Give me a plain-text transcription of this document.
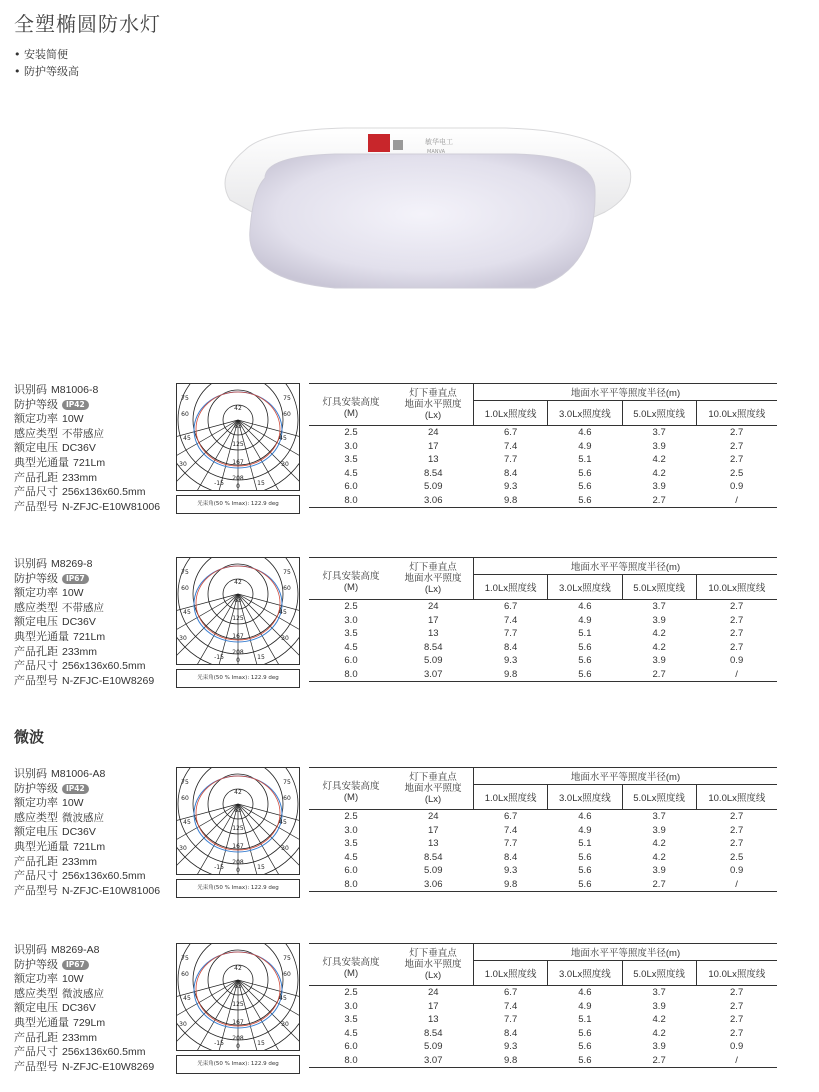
全塑椭圆防水灯
• 安装简便
• 防护等级高
敏华电工
MANVA
微波
识别码 M81006-8
防护等级 IP42
额定功率 10W
感应类型 不带感应
额定电压 DC36V
典型光通量 721Lm
产品孔距 233mm
产品尺寸 256x136x60.5mm
产品型号 N-ZFJC-E10W81006
75	75
60	60
45	45
30	30
42
83
125
167
208
-15 0	15
光束角(50 % Imax): 122.9 deg
灯具安装高度
(M)	灯下垂直点
地面水平照度
(Lx)	地面水平平等照度半径(m)			
		1.0Lx照度线	3.0Lx照度线	5.0Lx照度线	10.0Lx照度线
2.5	24	6.7	4.6	3.7	2.7
3.0	17	7.4	4.9	3.9	2.7
3.5	13	7.7	5.1	4.2	2.7
4.5	8.54	8.4	5.6	4.2	2.5
6.0	5.09	9.3	5.6	3.9	0.9
8.0	3.06	9.8	5.6	2.7	/
识别码 M8269-8
防护等级 IP67
额定功率 10W
感应类型 不带感应
额定电压 DC36V
典型光通量 721Lm
产品孔距 233mm
产品尺寸 256x136x60.5mm
产品型号 N-ZFJC-E10W8269
75	75
60	60
45	45
30	30
42
83
125
167
208
-15 0	15
光束角(50 % Imax): 122.9 deg
灯具安装高度
(M)	灯下垂直点
地面水平照度
(Lx)	地面水平平等照度半径(m)			
		1.0Lx照度线	3.0Lx照度线	5.0Lx照度线	10.0Lx照度线
2.5	24	6.7	4.6	3.7	2.7
3.0	17	7.4	4.9	3.9	2.7
3.5	13	7.7	5.1	4.2	2.7
4.5	8.54	8.4	5.6	4.2	2.7
6.0	5.09	9.3	5.6	3.9	0.9
8.0	3.07	9.8	5.6	2.7	/
识别码 M81006-A8
防护等级 IP42
额定功率 10W
感应类型 微波感应
额定电压 DC36V
典型光通量 721Lm
产品孔距 233mm
产品尺寸 256x136x60.5mm
产品型号 N-ZFJC-E10W81006
75	75
60	60
45	45
30	30
42
83
125
167
208
-15 0	15
光束角(50 % Imax): 122.9 deg
灯具安装高度
(M)	灯下垂直点
地面水平照度
(Lx)	地面水平平等照度半径(m)			
		1.0Lx照度线	3.0Lx照度线	5.0Lx照度线	10.0Lx照度线
2.5	24	6.7	4.6	3.7	2.7
3.0	17	7.4	4.9	3.9	2.7
3.5	13	7.7	5.1	4.2	2.7
4.5	8.54	8.4	5.6	4.2	2.5
6.0	5.09	9.3	5.6	3.9	0.9
8.0	3.06	9.8	5.6	2.7	/
识别码 M8269-A8
防护等级 IP67
额定功率 10W
感应类型 微波感应
额定电压 DC36V
典型光通量 729Lm
产品孔距 233mm
产品尺寸 256x136x60.5mm
产品型号 N-ZFJC-E10W8269
75	75
60	60
45	45
30	30
42
83
125
167
208
-15 0	15
光束角(50 % Imax): 122.9 deg
灯具安装高度
(M)	灯下垂直点
地面水平照度
(Lx)	地面水平平等照度半径(m)			
		1.0Lx照度线	3.0Lx照度线	5.0Lx照度线	10.0Lx照度线
2.5	24	6.7	4.6	3.7	2.7
3.0	17	7.4	4.9	3.9	2.7
3.5	13	7.7	5.1	4.2	2.7
4.5	8.54	8.4	5.6	4.2	2.7
6.0	5.09	9.3	5.6	3.9	0.9
8.0	3.07	9.8	5.6	2.7	/
